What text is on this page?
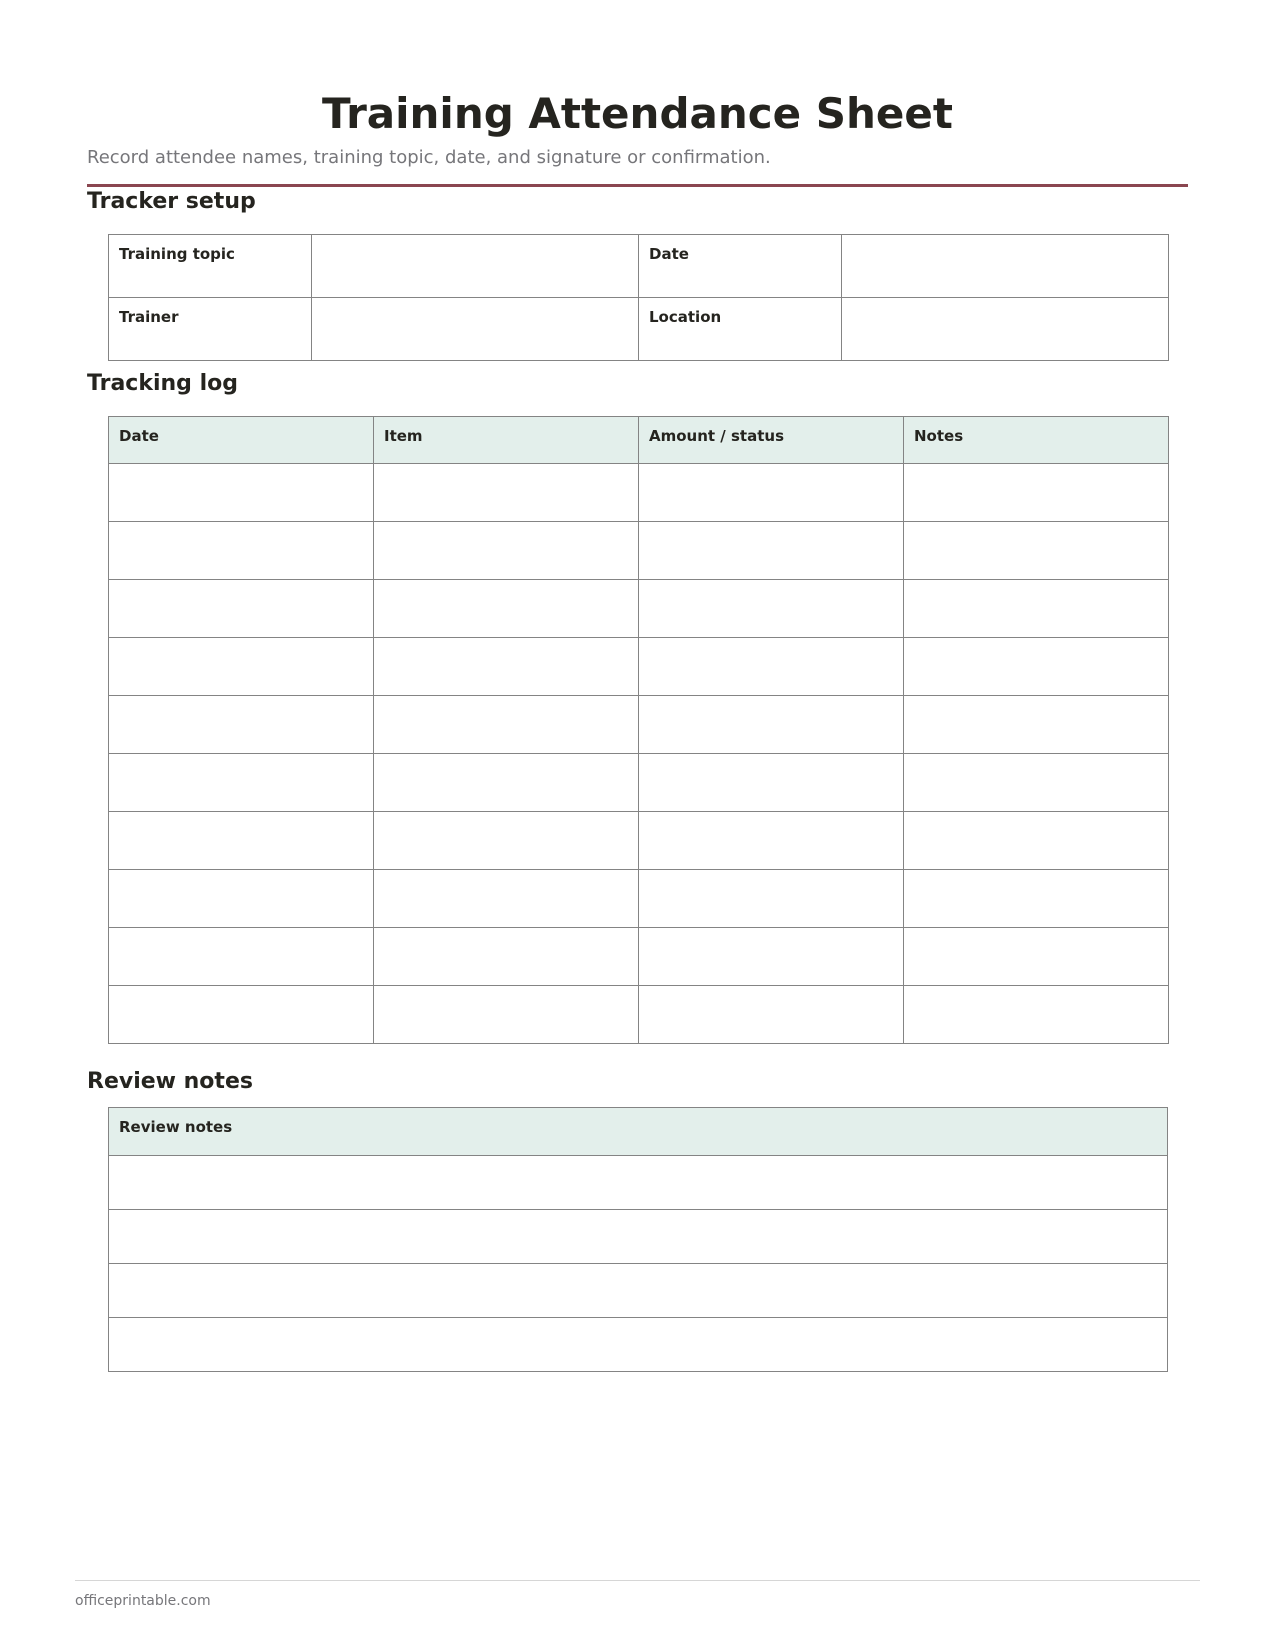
Training Attendance Sheet

Record attendee names, training topic, date, and signature or confirmation.

Tracker setup
Training topic		Date	

Trainer		Location	

Tracking log
Date	Item	Amount / status	Notes

Review notes
Review notes

officeprintable.com
